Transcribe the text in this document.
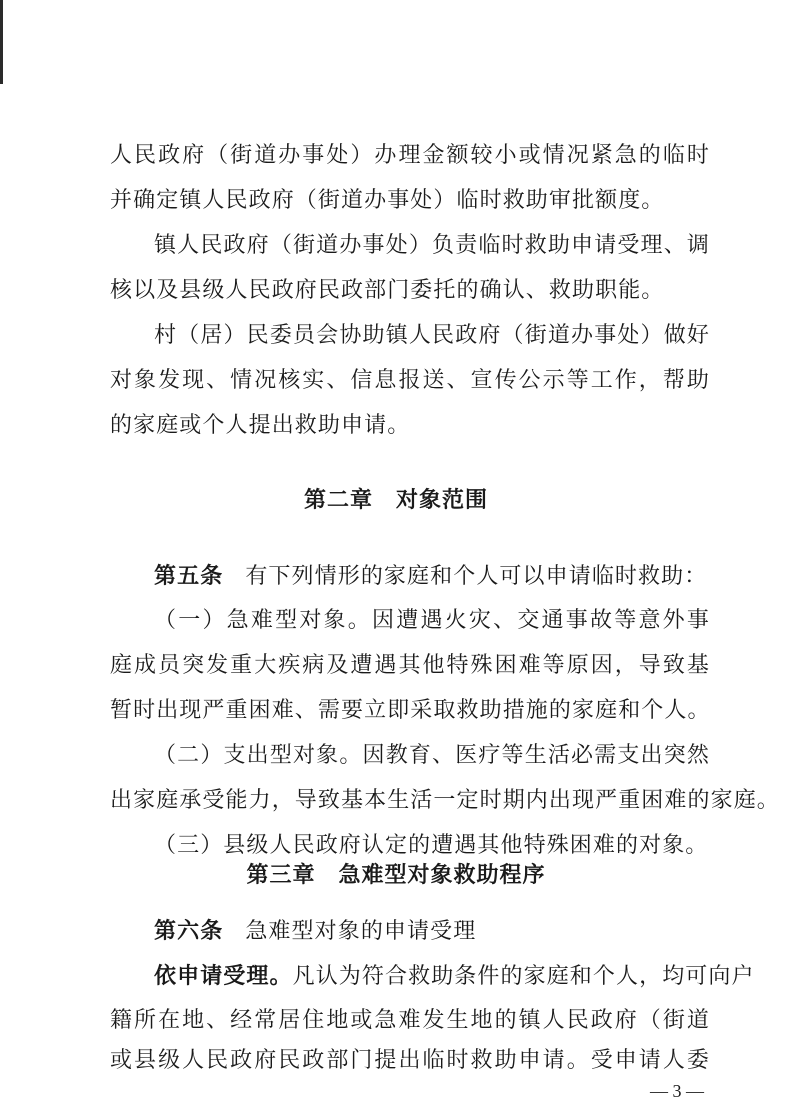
人民政府（街道办事处）办理金额较小或情况紧急的临时
并确定镇人民政府（街道办事处）临时救助审批额度。
镇人民政府（街道办事处）负责临时救助申请受理、调
核以及县级人民政府民政部门委托的确认、救助职能。
村（居）民委员会协助镇人民政府（街道办事处）做好
对象发现、情况核实、信息报送、宣传公示等工作，帮助
的家庭或个人提出救助申请。
第二章　对象范围
第五条 有下列情形的家庭和个人可以申请临时救助：
（一）急难型对象。因遭遇火灾、交通事故等意外事
庭成员突发重大疾病及遭遇其他特殊困难等原因，导致基
暂时出现严重困难、需要立即采取救助措施的家庭和个人。
（二）支出型对象。因教育、医疗等生活必需支出突然
出家庭承受能力，导致基本生活一定时期内出现严重困难的家庭。
（三）县级人民政府认定的遭遇其他特殊困难的对象。
第三章　急难型对象救助程序
第六条 急难型对象的申请受理
依申请受理。凡认为符合救助条件的家庭和个人，均可向户
籍所在地、经常居住地或急难发生地的镇人民政府（街道
或县级人民政府民政部门提出临时救助申请。受申请人委
— 3 —
